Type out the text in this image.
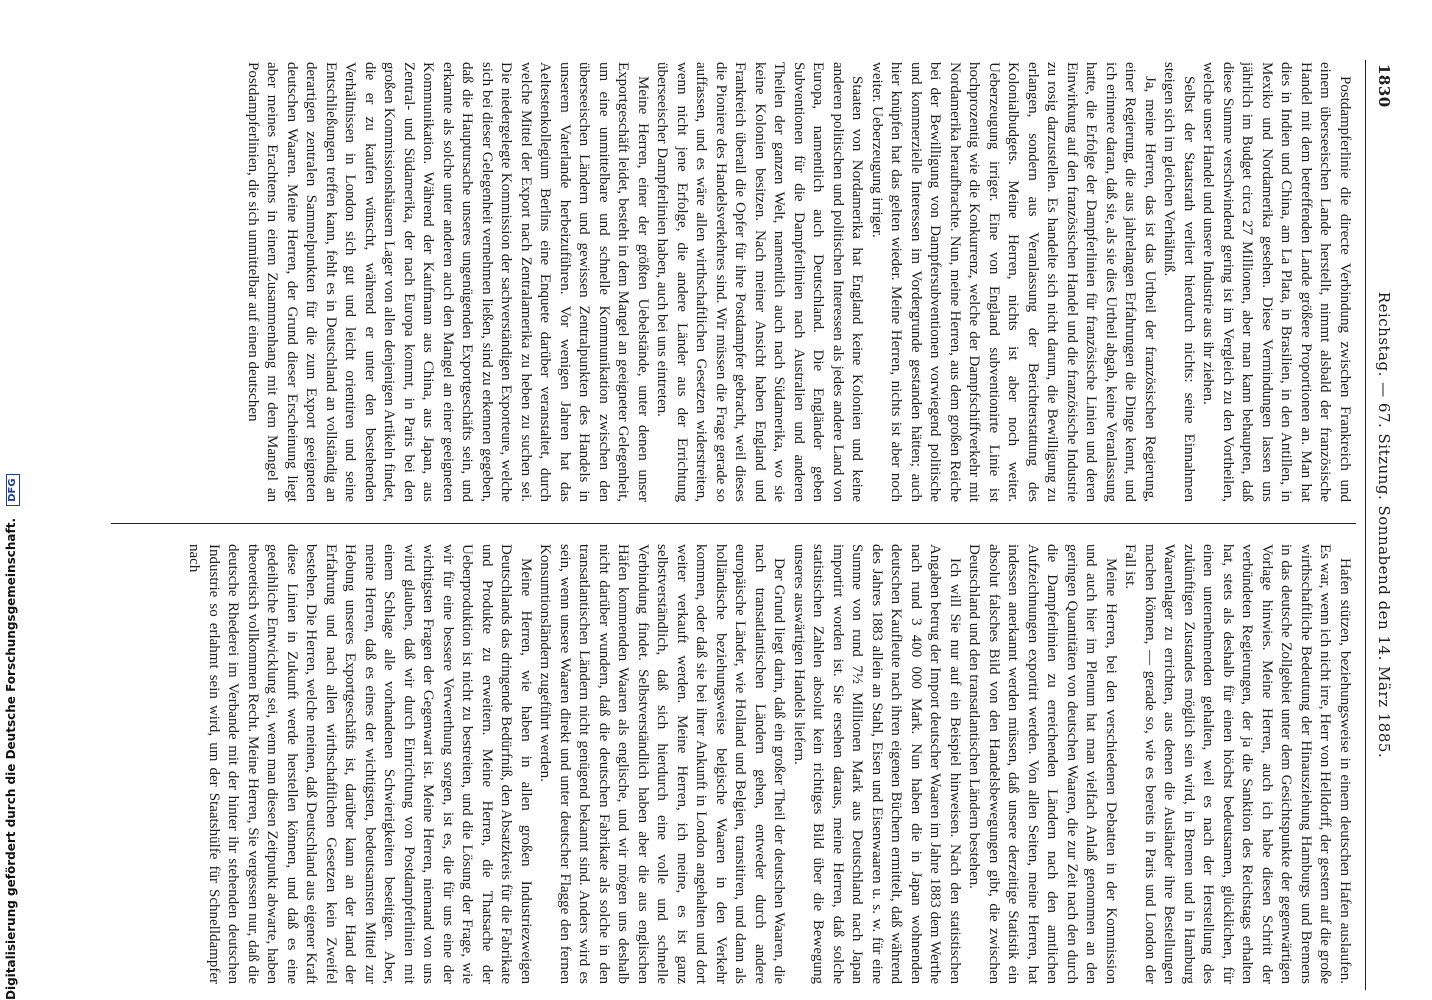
1830
Reichstag. — 67. Sitzung. Sonnabend den 14. März 1885.

Postdampferlinie die directe Verbindung zwischen Frankreich und einem überseeischen Lande herstellt, nimmt alsbald der französische Handel mit dem betreffenden Lande größere Proportionen an. Man hat dies in Indien und China, am La Plata, in Brasilien, in den Antillen, in Mexiko und Nordamerika gesehen. Diese Vermindungen lassen uns jährlich im Budget circa 27 Millionen, aber man kann behaupten, daß diese Summe verschwindend gering ist im Vergleich zu den Vortheilen, welche unser Handel und unsere Industrie aus ihr ziehen.

Selbst der Staatsrath verliert hierdurch nichts: seine Einnahmen steigen sich im gleichen Verhältniß.

Ja, meine Herren, das ist das Urtheil der französischen Regierung, einer Regierung, die aus jahrelangen Erfahrungen die Dinge kennt, und ich erinnere daran, daß sie, als sie dies Urtheil abgab, keine Veranlassung hatte, die Erfolge der Dampferlinien für französische Linien und deren Einwirkung auf den französischen Handel und die französische Industrie zu rosig darzustellen. Es handelte sich nicht darum, die Bewilligung zu erlangen, sondern aus Veranlassung der Berichterstattung des Kolonialbudgets. Meine Herren, nichts ist aber noch weiter. Ueberzeugung irriger. Eine von England subventionirte Linie ist hochprozentig wie die Konkurrenz, welche der Dampfschiffverkehr mit Nordamerika heraufbrachte. Nun, meine Herren, aus dem großen Reiche bei der Bewilligung von Dampfersubventionen vorwiegend politische und kommerzielle Interessen im Vordergrunde gestanden hätten; auch hier knüpfen hat das gelten wieder. Meine Herren, nichts ist aber noch weiter. Ueberzeugung irriger.

Staaten von Nordamerika hat England keine Kolonien und keine anderen politischen und politischen Interessen als jedes andere Land von Europa, namentlich auch Deutschland. Die Engländer geben Subventionen für die Dampferlinien nach Australien und anderen Theilen der ganzen Welt, namentlich auch nach Südamerika, wo sie keine Kolonien besitzen. Nach meiner Ansicht haben England und Frankreich überall die Opfer für ihre Postdampfer gebracht, weil dieses die Pioniere des Handelsverkehres sind. Wir müssen die Frage gerade so auffassen, und es wäre allen wirthschaftlichen Gesetzen widerstreiten, wenn nicht jene Erfolge, die andere Länder aus der Errichtung überseeischer Dampferlinien haben, auch bei uns eintreten.

Meine Herren, einer der größten Uebelstände, unter denen unser Exportgeschäft leidet, besteht in dem Mangel an geeigneter Gelegenheit, um eine unmittelbare und schnelle Kommunikation zwischen den überseeischen Ländern und gewissen Zentralpunkten des Handels in unserem Vaterlande herbeizuführen. Vor wenigen Jahren hat das Aeltestenkollegium Berlins eine Enquete darüber veranstaltet, durch welche Mittel der Export nach Zentralamerika zu heben zu suchen sei. Die niedergelegte Kommission der sachverständigen Exporteure, welche sich bei dieser Gelegenheit vernehmen ließen, sind zu erkennen gegeben, daß die Hauptursache unseres ungenügenden Exportgeschäfts sein, und erkannte als solche unter anderen auch den Mangel an einer geeigneten Kommunikation. Während der Kaufmann aus China, aus Japan, aus Zentral- und Südamerika, der nach Europa kommt, in Paris bei den großen Kommissionshäusern Lager von allen denjenigen Artikeln findet, die er zu kaufen wünscht, während er unter den bestehenden Verhältnissen in London sich gut und leicht orientiren und seine Entschließungen treffen kann, fehlt es in Deutschland an vollständig an derartigen zentralen Sammelpunkten für die zum Export geeigneten deutschen Waaren. Meine Herren, der Grund dieser Erscheinung liegt aber meines Erachtens in einem Zusammenhang mit dem Mangel an Postdampferlinien, die sich unmittelbar auf einen deutschen

Hafen stützen, beziehungsweise in einem deutschen Hafen auslaufen. Es war, wenn ich nicht irre, Herr von Helldorff, der gestern auf die große wirthschaftliche Bedeutung der Hinausziehung Hamburgs und Bremens in das deutsche Zollgebiet unter dem Gesichtspunkte der gegenwärtigen Vorlage hinwies. Meine Herren, auch ich habe diesen Schritt der verbündeten Regierungen, der ja die Sanktion des Reichstags erhalten hat, stets als deshalb für einen höchst bedeutsamen, glücklichen, für einen unternehmenden gehalten, weil es nach der Herstellung des zukünftigen Zustandes möglich sein wird, in Bremen und in Hamburg Waarenlager zu errichten, aus denen die Ausländer ihre Bestellungen machen können, — gerade so, wie es bereits in Paris und London der Fall ist.

Meine Herren, bei den verschiedenen Debatten in der Kommission und auch hier im Plenum hat man vielfach Anlaß genommen an den geringen Quantitäten von deutschen Waaren, die zur Zeit nach den durch die Dampferlinien zu erreichenden Ländern nach den amtlichen Aufzeichnungen exportirt werden. Von allen Seiten, meine Herren, hat indessen anerkannt werden müssen, daß unsere derzeitige Statistik ein absolut falsches Bild von den Handelsbewegungen gibt, die zwischen Deutschland und den transatlantischen Ländern bestehen.

Ich will Sie nur auf ein Beispiel hinweisen. Nach den statistischen Angaben betrug der Import deutscher Waaren im Jahre 1883 dem Werthe nach rund 3 400 000 Mark. Nun haben die in Japan wohnenden deutschen Kaufleute nach ihren eigenen Büchern ermittelt, daß während des Jahres 1883 allein an Stahl, Eisen und Eisenwaaren u. s. w. für eine Summe von rund 7½ Millionen Mark aus Deutschland nach Japan importirt worden ist. Sie ersehen daraus, meine Herren, daß solche statistischen Zahlen absolut kein richtiges Bild über die Bewegung unseres auswärtigen Handels liefern.

Der Grund liegt darin, daß ein großer Theil der deutschen Waaren, die nach transatlantischen Ländern gehen, entweder durch andere europäische Länder, wie Holland und Belgien, transitiren, und dann als holländische beziehungsweise belgische Waaren in den Verkehr kommen, oder daß sie bei ihrer Ankunft in London angehalten und dort weiter verkauft werden. Meine Herren, ich meine, es ist ganz selbstverständlich, daß sich hierdurch eine volle und schnelle Verbindung findet. Selbstverständlich haben aber die aus englischen Häfen kommenden Waaren als englische, und wir mögen uns deshalb nicht darüber wundern, daß die deutschen Fabrikate als solche in den transatlantischen Ländern nicht genügend bekannt sind. Anders wird es sein, wenn unsere Waaren direkt und unter deutscher Flagge den fernen Konsumtionsländern zugeführt werden.

Meine Herren, wie haben in allen großen Industriezweigen Deutschlands das dringende Bedürfniß, den Absatzkreis für die Fabrikate und Produkte zu erweitern. Meine Herren, die Thatsache der Ueberproduktion ist nicht zu bestreiten, und die Lösung der Frage, wie wir für eine bessere Verwerthung sorgen, ist es, die für uns eine der wichtigsten Fragen der Gegenwart ist. Meine Herren, niemand von uns wird glauben, daß wir durch Einrichtung von Postdampferlinien mit einem Schlage alle vorhandenen Schwierigkeiten beseitigen. Aber, meine Herren, daß es eines der wichtigsten, bedeutsamsten Mittel zur Hebung unseres Exportgeschäfts ist, darüber kann an der Hand der Erfahrung und nach allen wirthschaftlichen Gesetzen kein Zweifel bestehen. Die Herren, welche meinen, daß Deutschland aus eigener Kraft diese Linien in Zukunft werde herstellen können, und daß es eine gedeihliche Entwicklung sei, wenn man diesen Zeitpunkt abwarte, haben theoretisch vollkommen Recht. Meine Herren, Sie vergessen nur, daß die deutsche Rhederei im Verbande mit der hinter ihr stehenden deutschen Industrie so erlahmt sein wird, um der Staatshülfe für Schnelldampfer nach

Digitalisierung gefördert durch die Deutsche Forschungsgemeinschaft. DFG
